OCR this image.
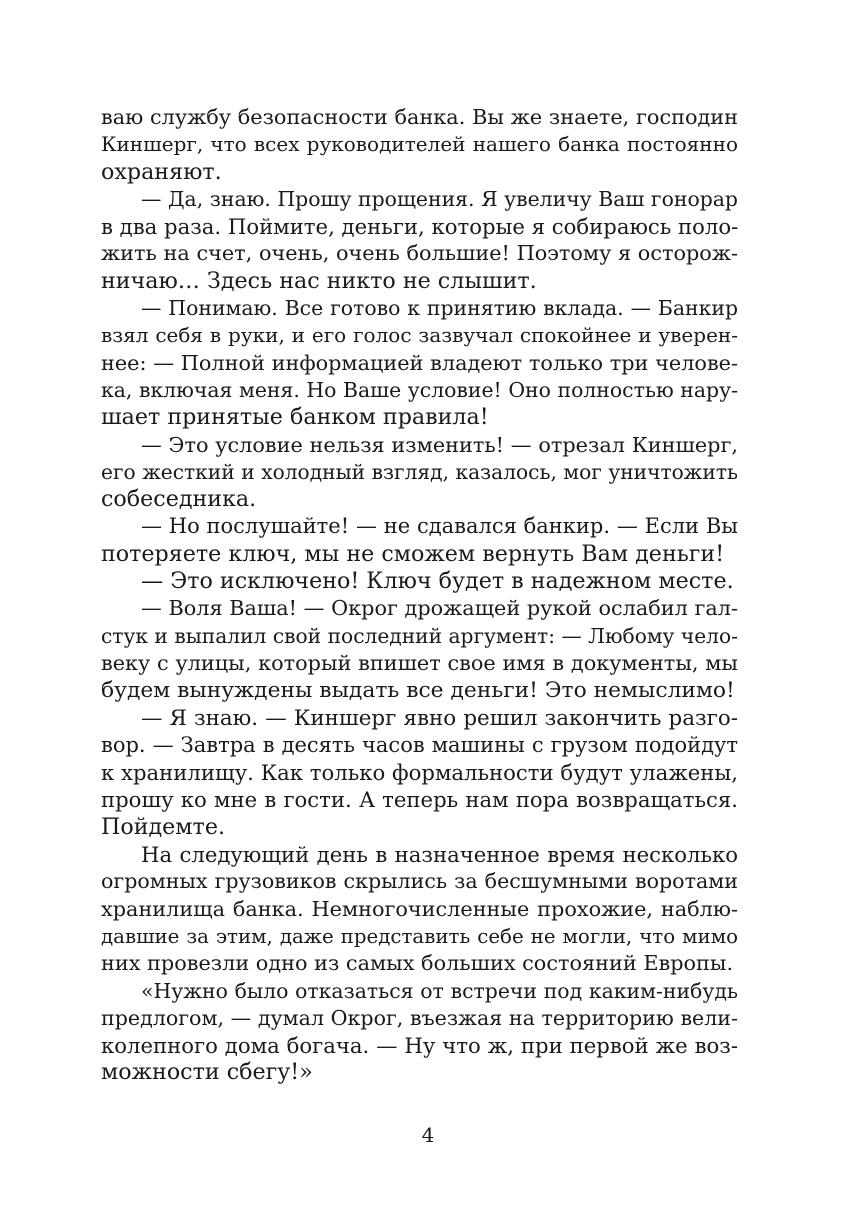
ваю службу безопасности банка. Вы же знаете, господин
Киншерг, что всех руководителей нашего банка постоянно
охраняют.
— Да, знаю. Прошу прощения. Я увеличу Ваш гонорар
в два раза. Поймите, деньги, которые я собираюсь поло-
жить на счет, очень, очень большие! Поэтому я осторож-
ничаю… Здесь нас никто не слышит.
— Понимаю. Все готово к принятию вклада. — Банкир
взял себя в руки, и его голос зазвучал спокойнее и уверен-
нее: — Полной информацией владеют только три челове-
ка, включая меня. Но Ваше условие! Оно полностью нару-
шает принятые банком правила!
— Это условие нельзя изменить! — отрезал Киншерг,
его жесткий и холодный взгляд, казалось, мог уничтожить
собеседника.
— Но послушайте! — не сдавался банкир. — Если Вы
потеряете ключ, мы не сможем вернуть Вам деньги!
— Это исключено! Ключ будет в надежном месте.
— Воля Ваша! — Окрог дрожащей рукой ослабил гал-
стук и выпалил свой последний аргумент: — Любому чело-
веку с улицы, который впишет свое имя в документы, мы
будем вынуждены выдать все деньги! Это немыслимо!
— Я знаю. — Киншерг явно решил закончить разго-
вор. — Завтра в десять часов машины с грузом подойдут
к хранилищу. Как только формальности будут улажены,
прошу ко мне в гости. А теперь нам пора возвращаться.
Пойдемте.
На следующий день в назначенное время несколько
огромных грузовиков скрылись за бесшумными воротами
хранилища банка. Немногочисленные прохожие, наблю-
давшие за этим, даже представить себе не могли, что мимо
них провезли одно из самых больших состояний Европы.
«Нужно было отказаться от встречи под каким-нибудь
предлогом, — думал Окрог, въезжая на территорию вели-
колепного дома богача. — Ну что ж, при первой же воз-
можности сбегу!»
4
